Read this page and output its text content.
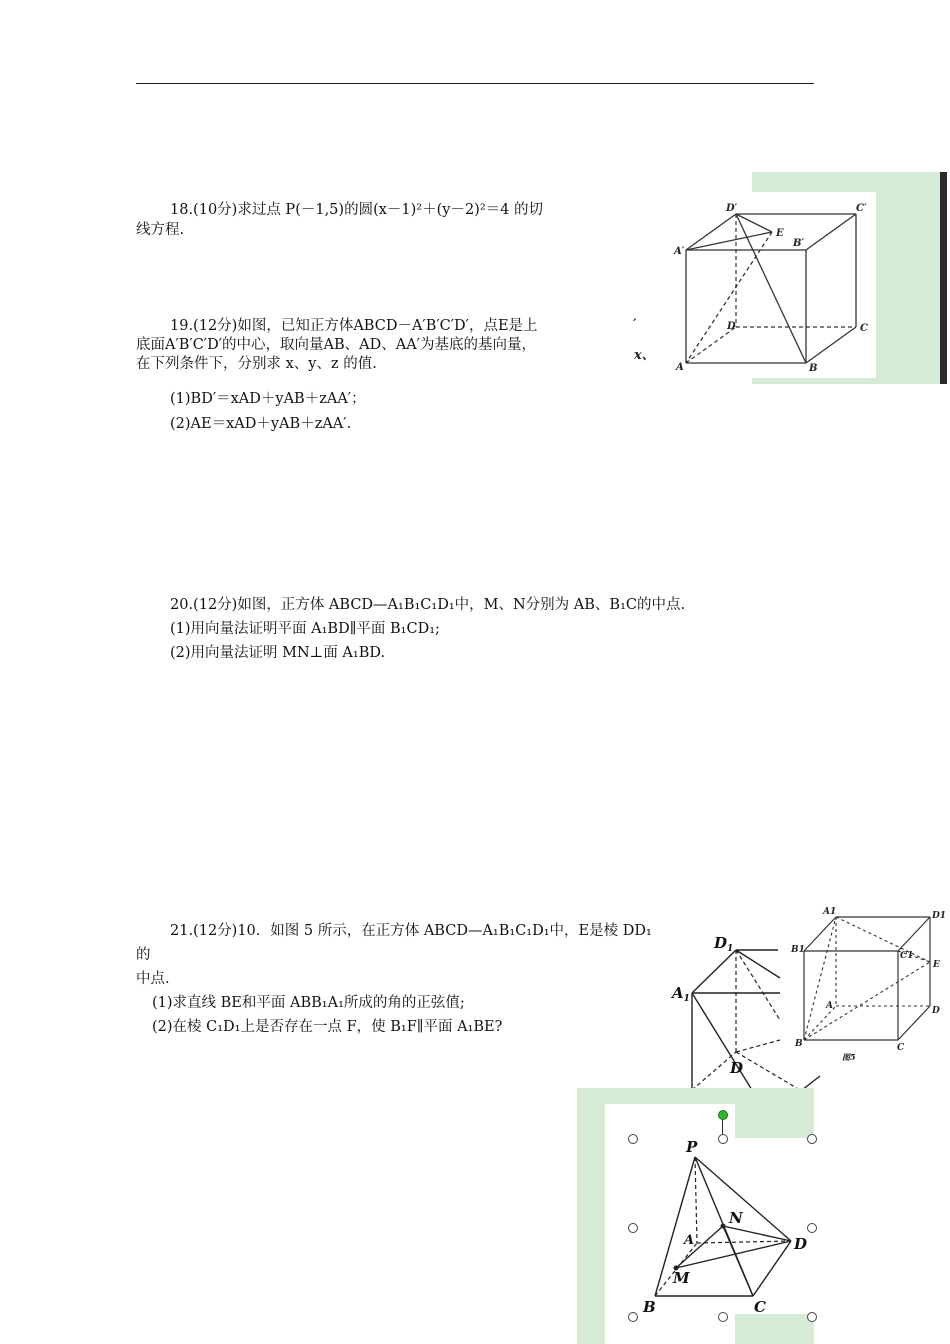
18.(10分)求过点 P(－1,5)的圆(x－1)²＋(y－2)²＝4 的切

线方程.

19.(12分)如图，已知正方体ABCD－A′B′C′D′，点E是上

底面A′B′C′D′的中心，取向量AB、AD、AA′为基底的基向量，

在下列条件下，分别求 x、y、z 的值.

(1)BD′＝xAD＋yAB＋zAA′；

(2)AE＝xAD＋yAB＋zAA′.

20.(12分)如图，正方体 ABCD—A₁B₁C₁D₁中，M、N分别为 AB、B₁C的中点.

(1)用向量法证明平面 A₁BD∥平面 B₁CD₁;

(2)用向量法证明 MN⊥面 A₁BD.

21.(12分)10．如图 5 所示，在正方体 ABCD—A₁B₁C₁D₁中，E是棱 DD₁的

中点.

(1)求直线 BE和平面 ABB₁A₁所成的角的正弦值;

(2)在棱 C₁D₁上是否存在一点 F，使 B₁F∥平面 A₁BE?

D′	C′
A′
B′
E
D	C
A	B
′
x、
A1	D1
B1
C1
E
A	D
B	C
图5
$D_1$
$A_1$
D
P
N
A	D
M
B	C
